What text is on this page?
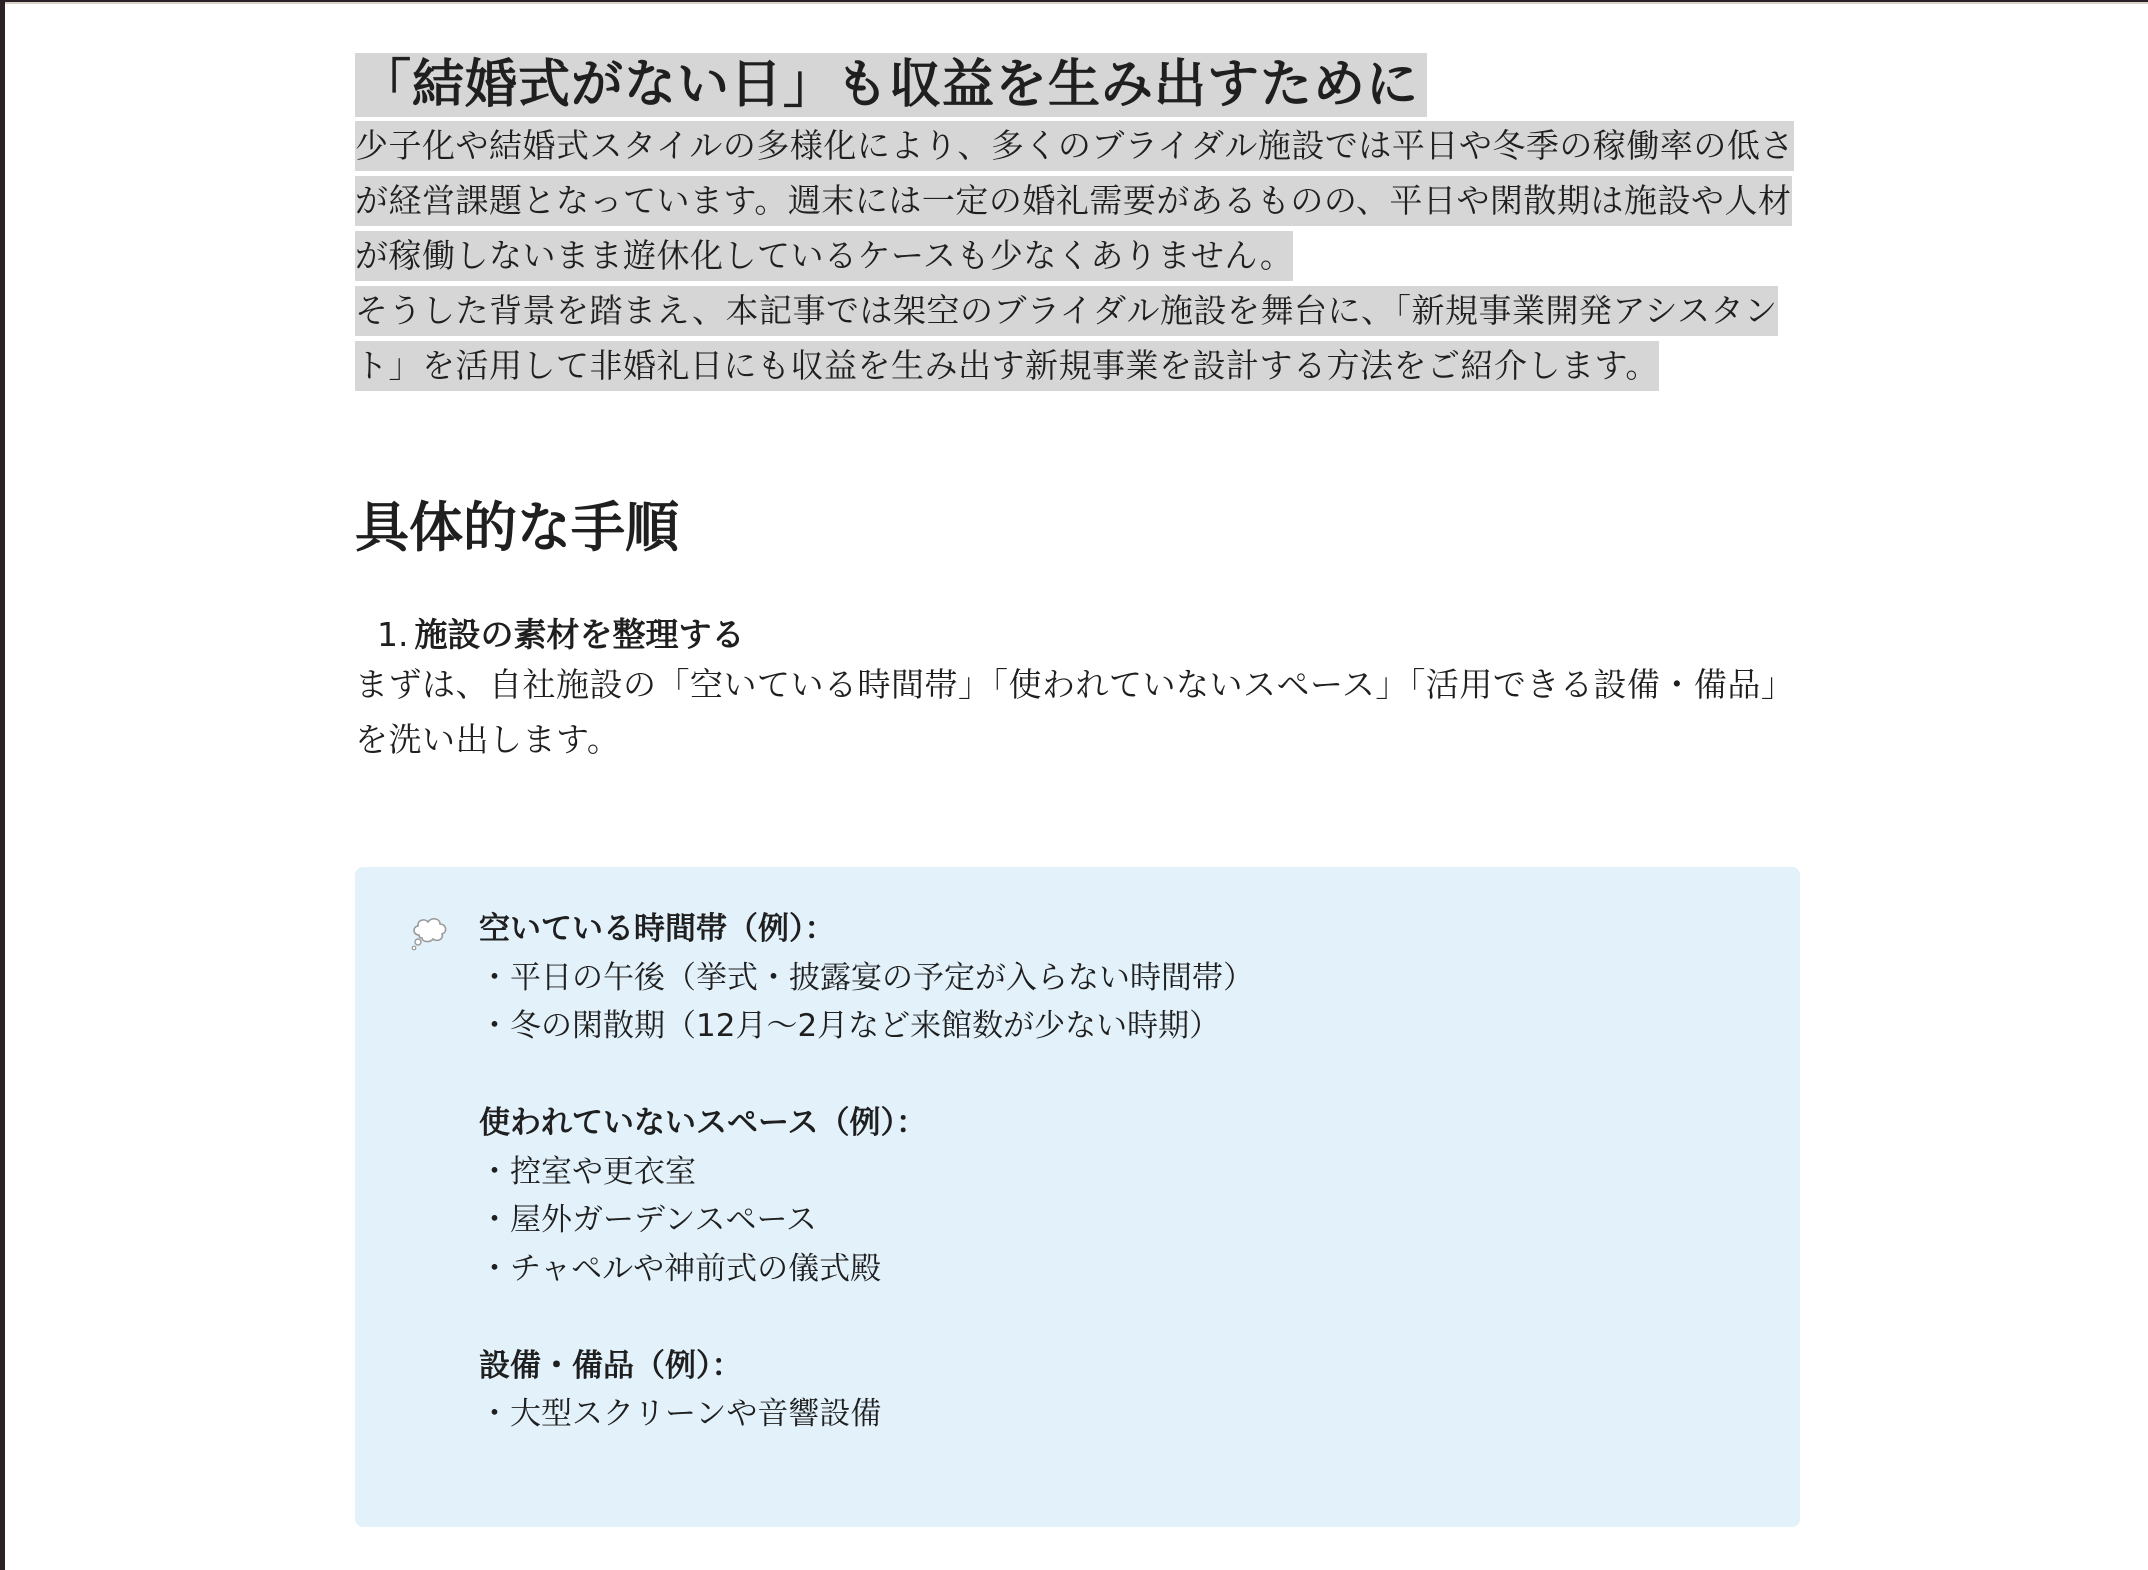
「結婚式がない日」も収益を生み出すために

少子化や結婚式スタイルの多様化により、多くのブライダル施設では平日や冬季の稼働率の低さが経営課題となっています。週末には一定の婚礼需要があるものの、平日や閑散期は施設や人材が稼働しないまま遊休化しているケースも少なくありません。

そうした背景を踏まえ、本記事では架空のブライダル施設を舞台に、「新規事業開発アシスタント」を活用して非婚礼日にも収益を生み出す新規事業を設計する方法をご紹介します。

具体的な手順
1. 施設の素材を整理する

まずは、自社施設の「空いている時間帯」「使われていないスペース」「活用できる設備・備品」を洗い出します。

空いている時間帯（例）：
・ 平日の午後（挙式・披露宴の予定が入らない時間帯）
・ 冬の閑散期（12月〜2月など来館数が少ない時期）
使われていないスペース（例）：
・ 控室や更衣室
・ 屋外ガーデンスペース
・ チャペルや神前式の儀式殿
設備・備品（例）：
・ 大型スクリーンや音響設備
